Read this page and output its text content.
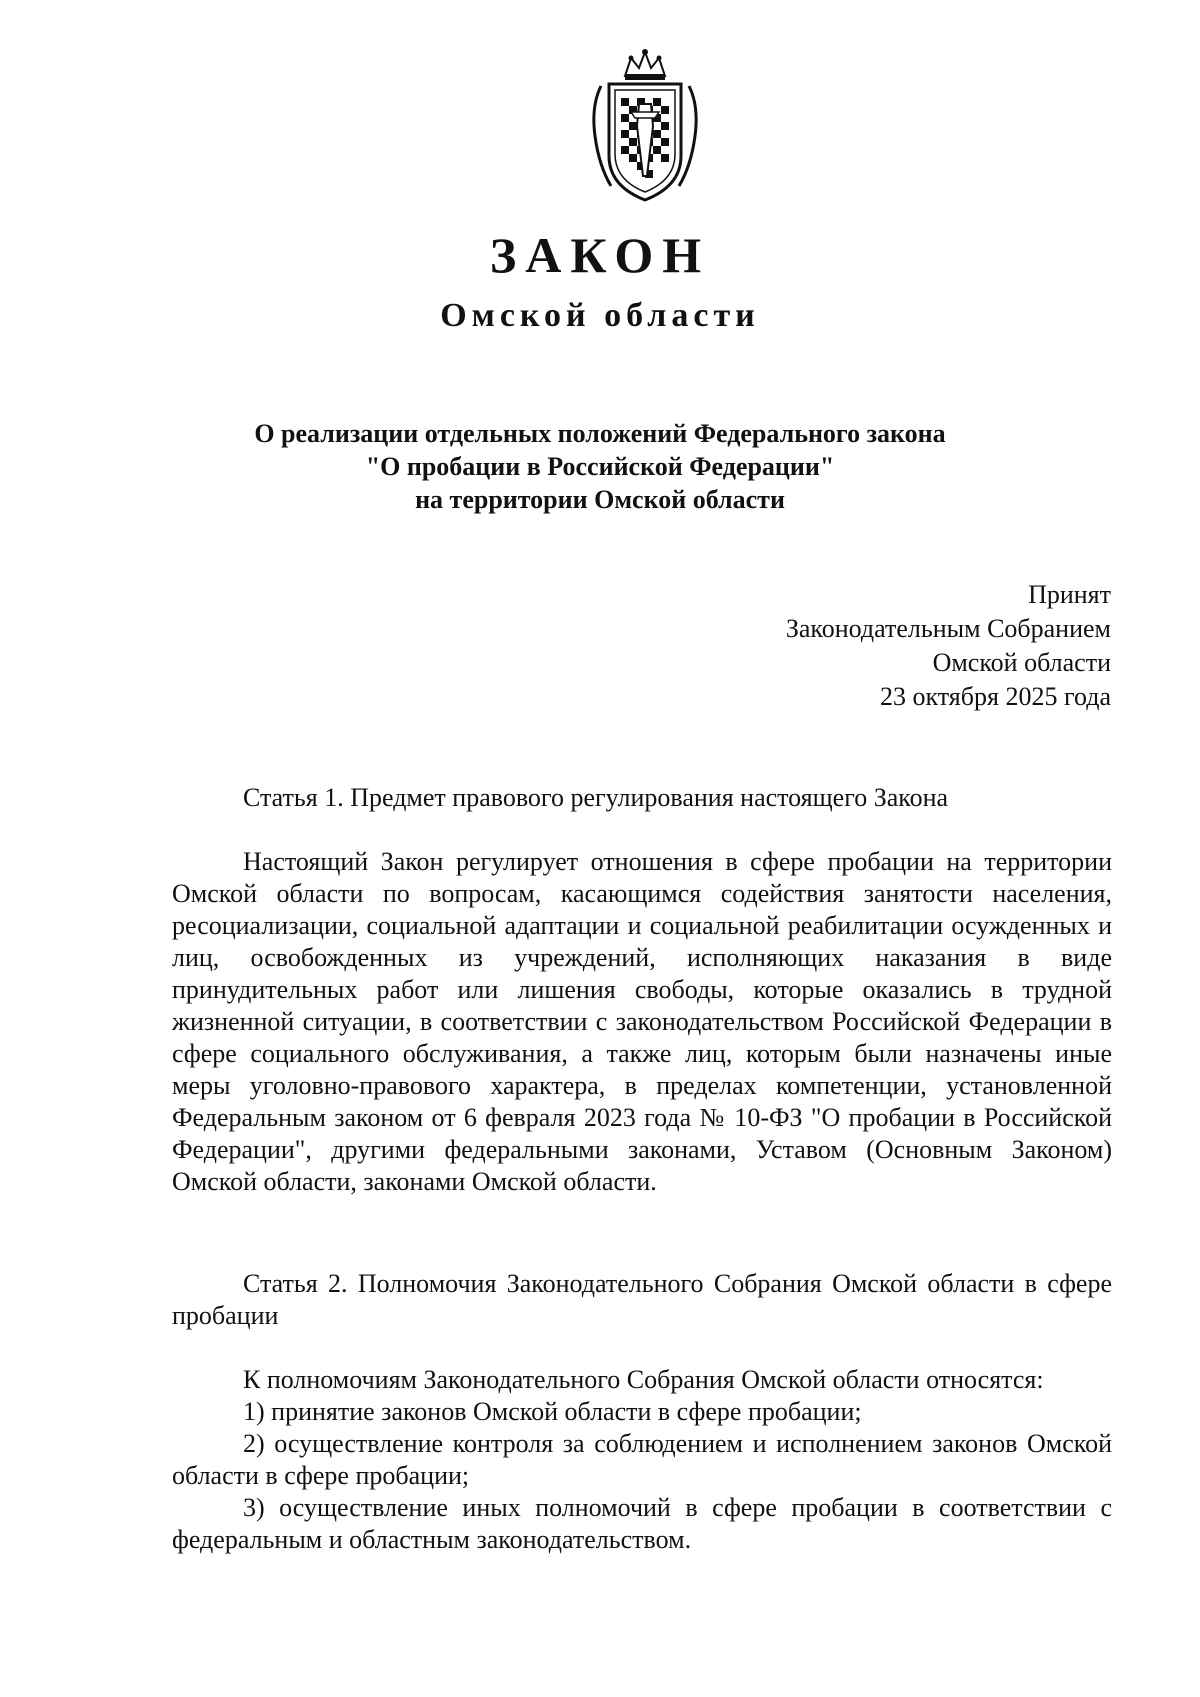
ЗАКОН
Омской области
О реализации отдельных положений Федерального закона
"О пробации в Российской Федерации"
на территории Омской области
Принят
Законодательным Собранием
Омской области
23 октября 2025 года
Статья 1. Предмет правового регулирования настоящего Закона

Настоящий Закон регулирует отношения в сфере пробации на территории Омской области по вопросам, касающимся содействия занятости населения, ресоциализации, социальной адаптации и социальной реабилитации осужденных и лиц, освобожденных из учреждений, исполняющих наказания в виде принудительных работ или лишения свободы, которые оказались в трудной жизненной ситуации, в соответствии с законодательством Российской Федерации в сфере социального обслуживания, а также лиц, которым были назначены иные меры уголовно-правового характера, в пределах компетенции, установленной Федеральным законом от 6 февраля 2023 года № 10-ФЗ "О пробации в Российской Федерации", другими федеральными законами, Уставом (Основным Законом) Омской области, законами Омской области.

Статья 2. Полномочия Законодательного Собрания Омской области в сфере пробации

К полномочиям Законодательного Собрания Омской области относятся:

1) принятие законов Омской области в сфере пробации;

2) осуществление контроля за соблюдением и исполнением законов Омской области в сфере пробации;

3) осуществление иных полномочий в сфере пробации в соответствии с федеральным и областным законодательством.
